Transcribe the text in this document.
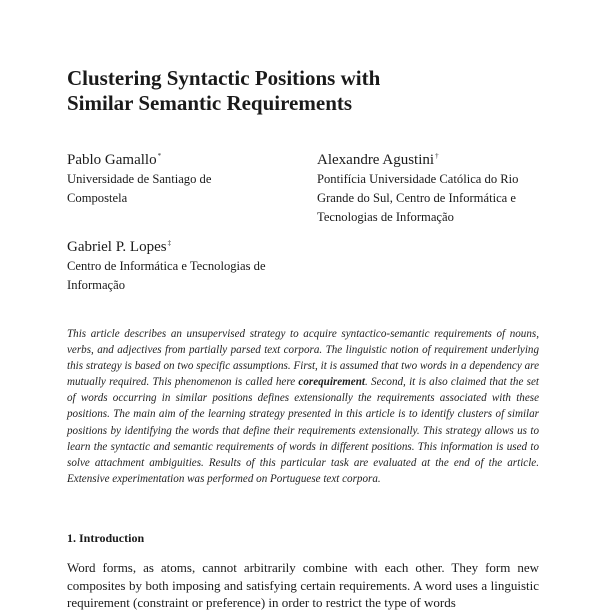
Clustering Syntactic Positions with
Similar Semantic Requirements
Pablo Gamallo*
Universidade de Santiago de
Compostela
Alexandre Agustini†
Pontifícia Universidade Católica do Rio
Grande do Sul, Centro de Informática e
Tecnologias de Informação
Gabriel P. Lopes‡
Centro de Informática e Tecnologias de
Informação

This article describes an unsupervised strategy to acquire syntactico-semantic requirements of nouns, verbs, and adjectives from partially parsed text corpora. The linguistic notion of requirement underlying this strategy is based on two specific assumptions. First, it is assumed that two words in a dependency are mutually required. This phenomenon is called here corequirement. Second, it is also claimed that the set of words occurring in similar positions defines extensionally the requirements associated with these positions. The main aim of the learning strategy presented in this article is to identify clusters of similar positions by identifying the words that define their requirements extensionally. This strategy allows us to learn the syntactic and semantic requirements of words in different positions. This information is used to solve attachment ambiguities. Results of this particular task are evaluated at the end of the article. Extensive experimentation was performed on Portuguese text corpora.

1. Introduction

Word forms, as atoms, cannot arbitrarily combine with each other. They form new composites by both imposing and satisfying certain requirements. A word uses a linguistic requirement (constraint or preference) in order to restrict the type of words
